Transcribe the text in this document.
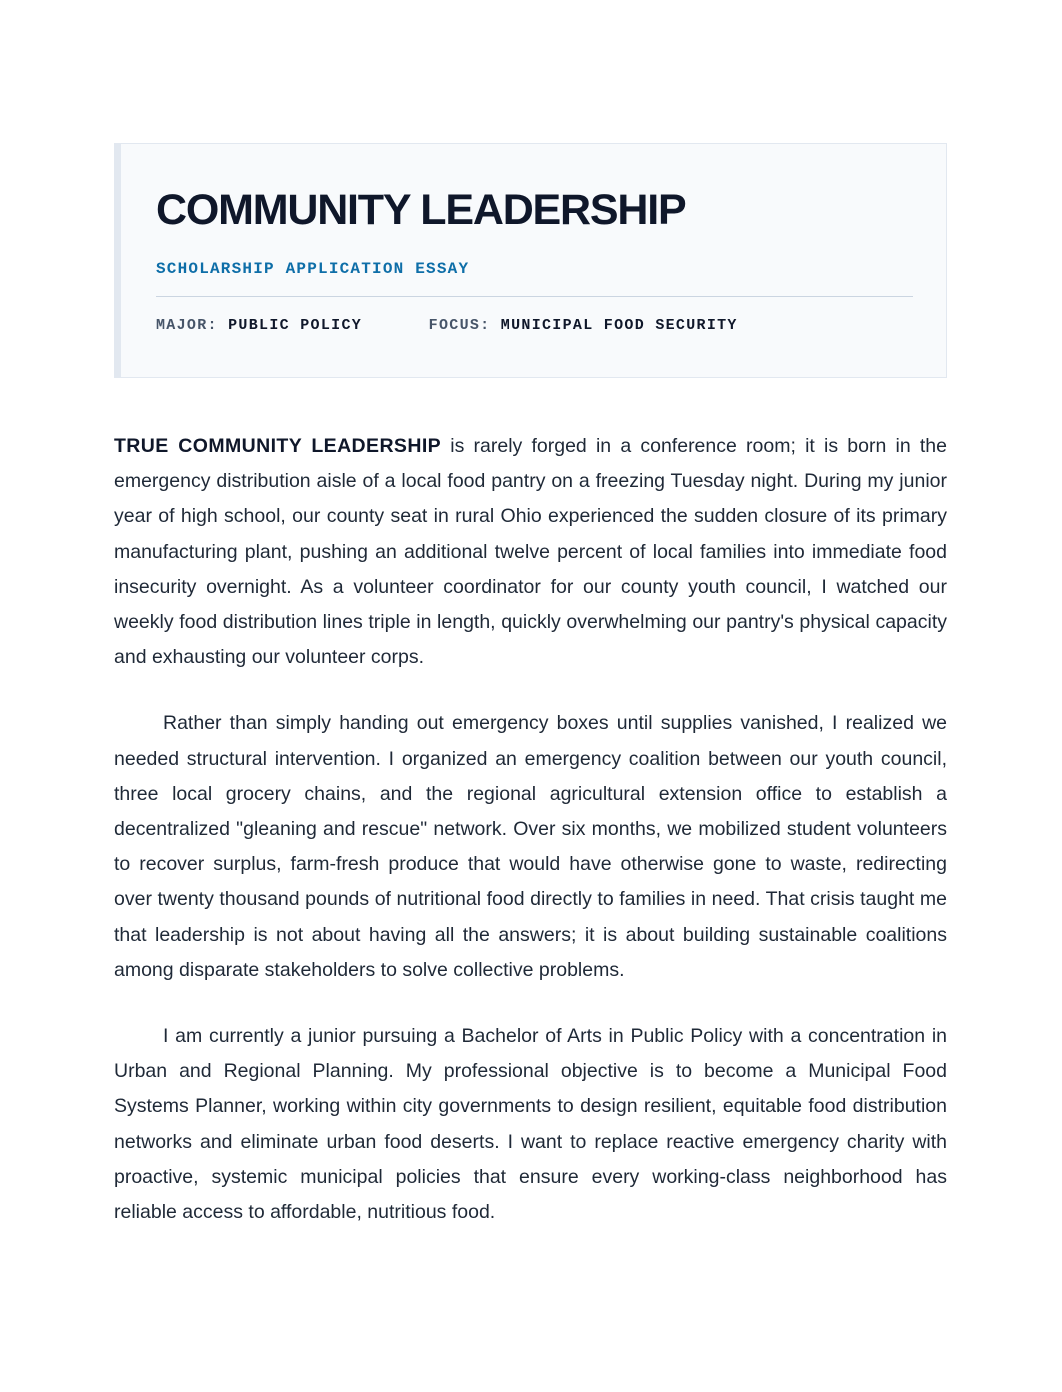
COMMUNITY LEADERSHIP
SCHOLARSHIP APPLICATION ESSAY
MAJOR: PUBLIC POLICY	FOCUS: MUNICIPAL FOOD SECURITY

TRUE COMMUNITY LEADERSHIP is rarely forged in a conference room; it is born in the emergency distribution aisle of a local food pantry on a freezing Tuesday night. During my junior year of high school, our county seat in rural Ohio experienced the sudden closure of its primary manufacturing plant, pushing an additional twelve percent of local families into immediate food insecurity overnight. As a volunteer coordinator for our county youth council, I watched our weekly food distribution lines triple in length, quickly overwhelming our pantry's physical capacity and exhausting our volunteer corps.

Rather than simply handing out emergency boxes until supplies vanished, I realized we needed structural intervention. I organized an emergency coalition between our youth council, three local grocery chains, and the regional agricultural extension office to establish a decentralized "gleaning and rescue" network. Over six months, we mobilized student volunteers to recover surplus, farm-fresh produce that would have otherwise gone to waste, redirecting over twenty thousand pounds of nutritional food directly to families in need. That crisis taught me that leadership is not about having all the answers; it is about building sustainable coalitions among disparate stakeholders to solve collective problems.

I am currently a junior pursuing a Bachelor of Arts in Public Policy with a concentration in Urban and Regional Planning. My professional objective is to become a Municipal Food Systems Planner, working within city governments to design resilient, equitable food distribution networks and eliminate urban food deserts. I want to replace reactive emergency charity with proactive, systemic municipal policies that ensure every working-class neighborhood has reliable access to affordable, nutritious food.
